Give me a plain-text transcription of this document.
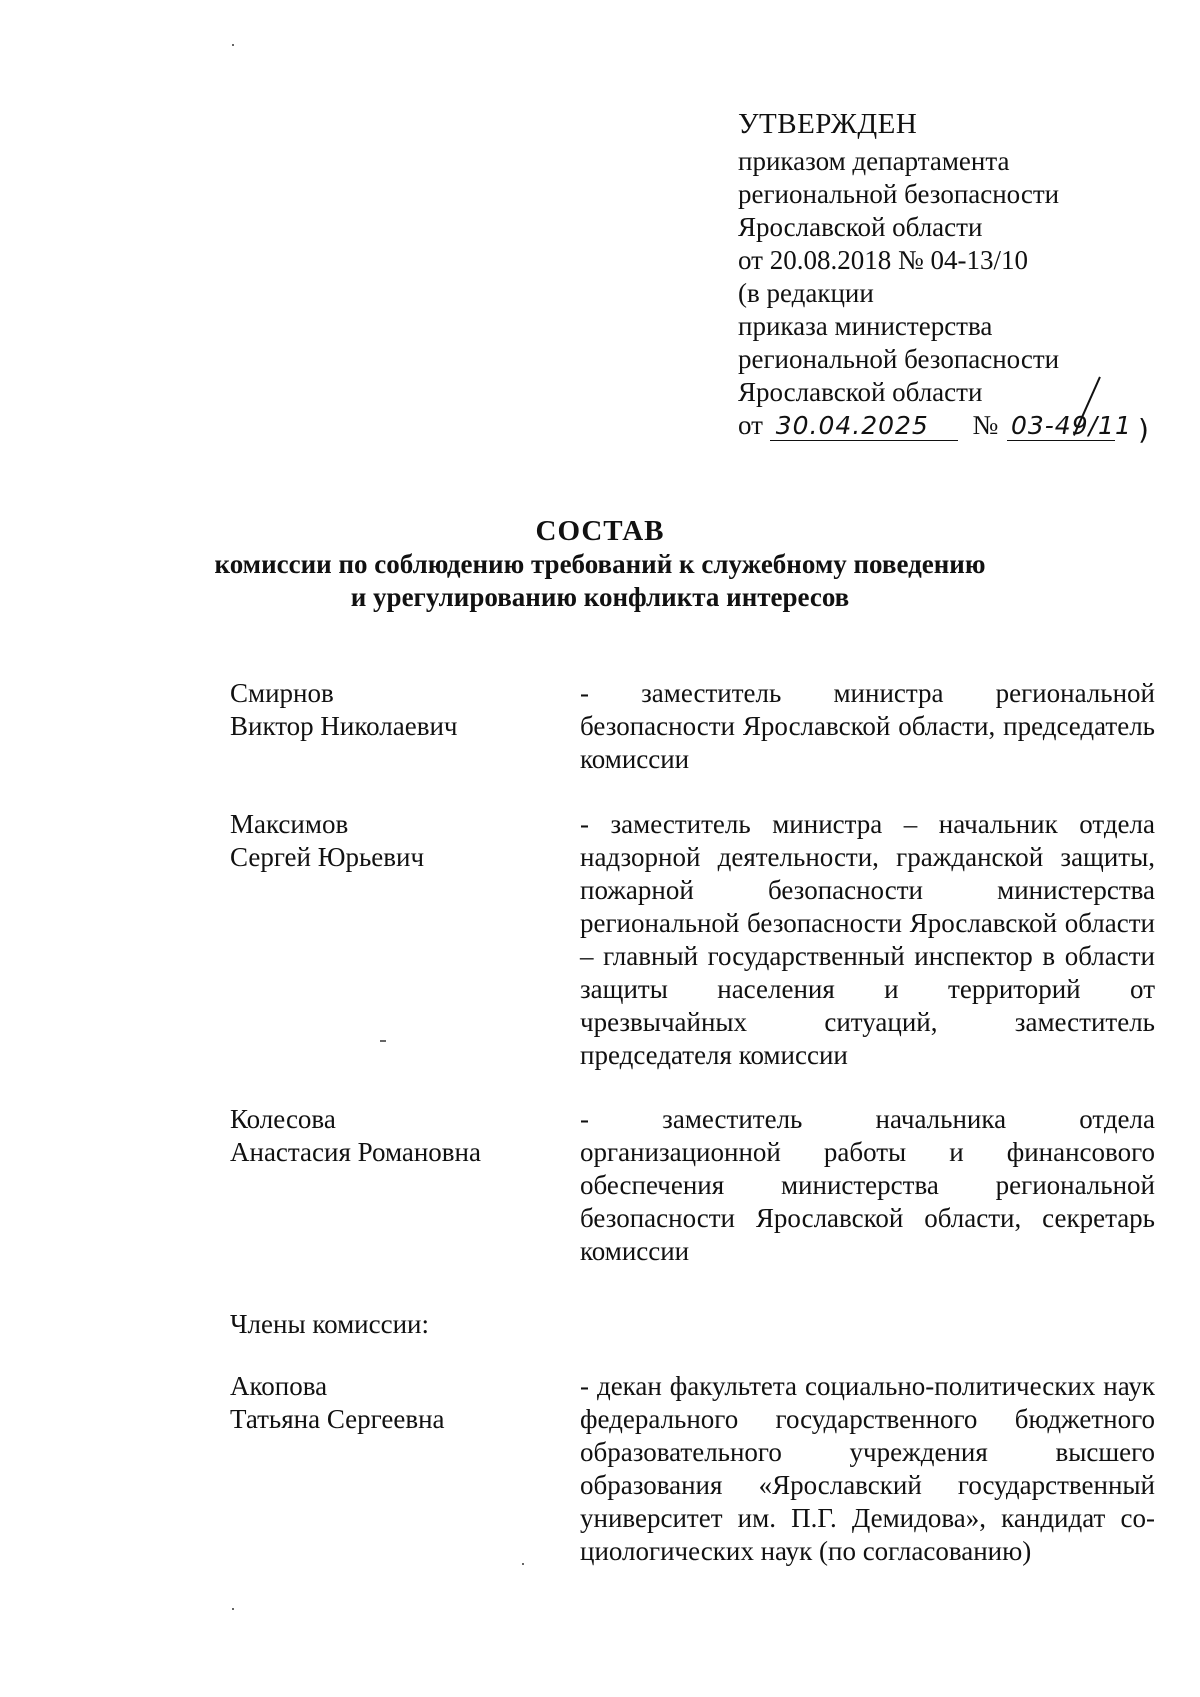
УТВЕРЖДЕН
приказом департамента
региональной безопасности
Ярославской области
от 20.08.2018 № 04-13/10
(в редакции
приказа министерства
региональной безопасности
Ярославской области
от 30.04.2025 № 03-49/11 )
СОСТАВ
комиссии по соблюдению требований к служебному поведению
и урегулированию конфликта интересов
Смирнов
Виктор Николаевич
- заместитель министра региональной безопасности Ярославской области, председатель комиссии
Максимов
Сергей Юрьевич
- заместитель министра – начальник отдела надзорной деятельности, гражданской защиты, пожарной безопасности министерства региональной безопасности Ярославской области – главный государственный инспектор в области защиты населения и территорий от чрезвычайных ситуаций, заместитель председателя комиссии
Колесова
Анастасия Романовна
- заместитель начальника отдела организационной работы и финансового обеспечения министерства региональной безопасности Ярославской области, секретарь комиссии
Члены комиссии:
Акопова
Татьяна Сергеевна
- декан факультета социально-политических наук федерального государственного бюджетного образовательного учреждения высшего образования «Ярославский государственный университет им. П.Г. Демидова», кандидат социологических наук (по согласованию)
